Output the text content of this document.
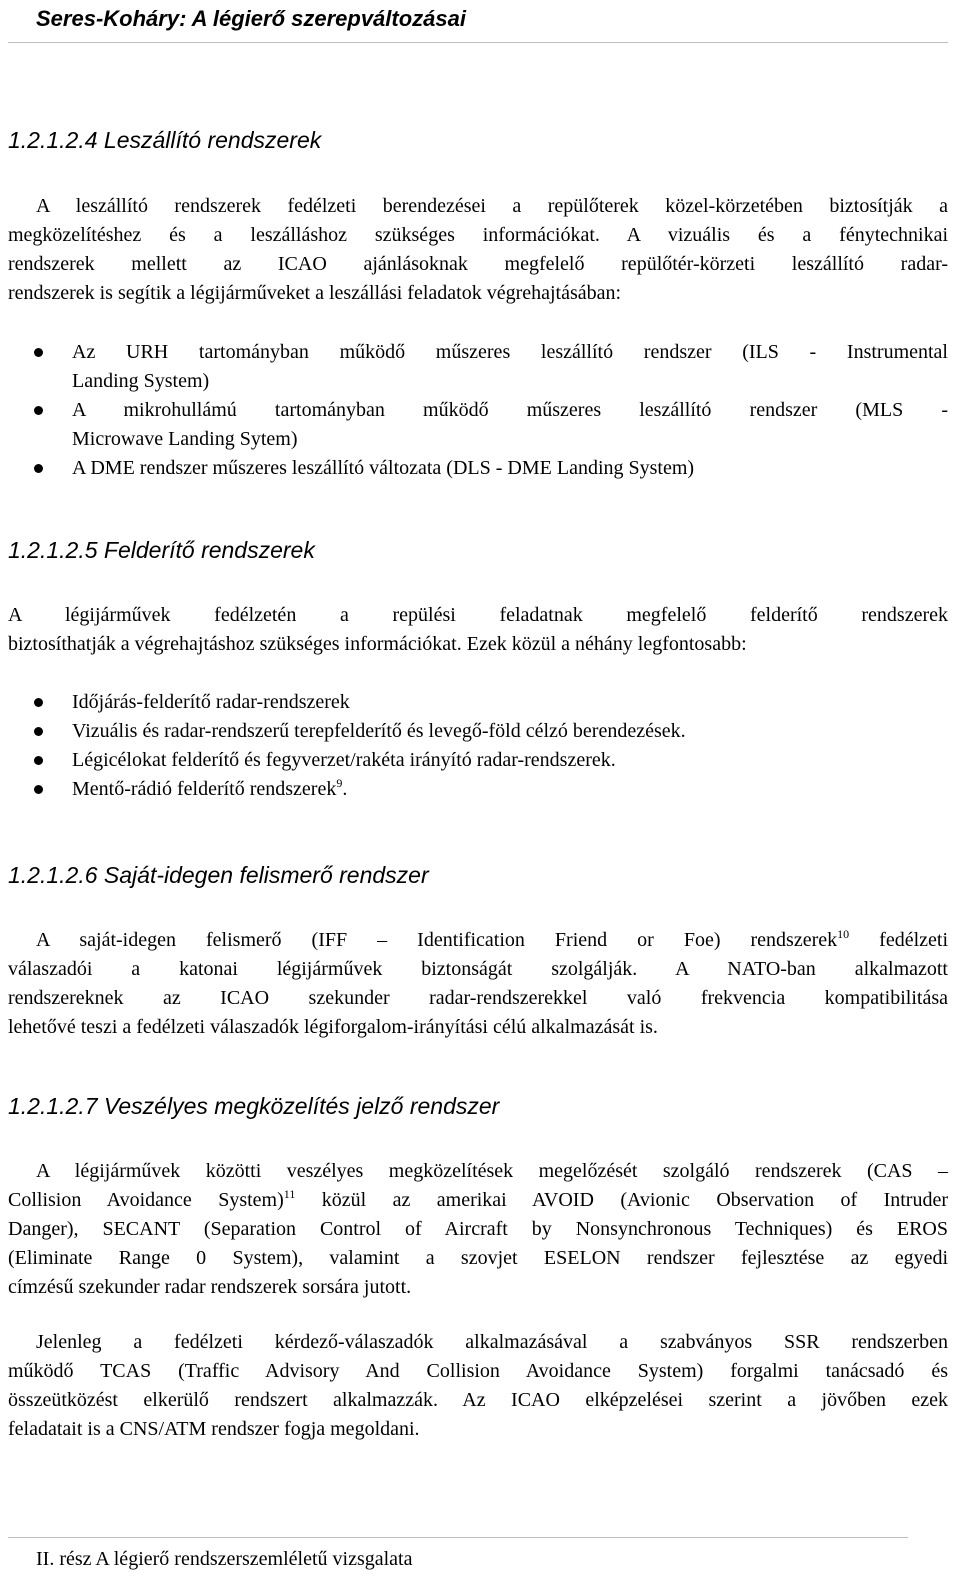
Seres-Koháry: A légierő szerepváltozásai
1.2.1.2.4 Leszállító rendszerek
A leszállító rendszerek fedélzeti berendezései a repülőterek közel-körzetében biztosítják a
megközelítéshez és a leszálláshoz szükséges információkat. A vizuális és a fénytechnikai
rendszerek mellett az ICAO ajánlásoknak megfelelő repülőtér-körzeti leszállító radar-
rendszerek is segítik a légijárműveket a leszállási feladatok végrehajtásában:
Az URH tartományban működő műszeres leszállító rendszer (ILS - Instrumental
Landing System)
A mikrohullámú tartományban működő műszeres leszállító rendszer (MLS -
Microwave Landing Sytem)
A DME rendszer műszeres leszállító változata (DLS - DME Landing System)
1.2.1.2.5 Felderítő rendszerek
A légijárművek fedélzetén a repülési feladatnak megfelelő felderítő rendszerek
biztosíthatják a végrehajtáshoz szükséges információkat. Ezek közül a néhány legfontosabb:
Időjárás-felderítő radar-rendszerek
Vizuális és radar-rendszerű terepfelderítő és levegő-föld célzó berendezések.
Légicélokat felderítő és fegyverzet/rakéta irányító radar-rendszerek.
Mentő-rádió felderítő rendszerek$^9$.
1.2.1.2.6 Saját-idegen felismerő rendszer
A saját-idegen felismerő (IFF – Identification Friend or Foe) rendszerek$^{10}$ fedélzeti
válaszadói a katonai légijárművek biztonságát szolgálják. A NATO-ban alkalmazott
rendszereknek az ICAO szekunder radar-rendszerekkel való frekvencia kompatibilitása
lehetővé teszi a fedélzeti válaszadók légiforgalom-irányítási célú alkalmazását is.
1.2.1.2.7 Veszélyes megközelítés jelző rendszer
A légijárművek közötti veszélyes megközelítések megelőzését szolgáló rendszerek (CAS –
Collision Avoidance System)$^{11}$ közül az amerikai AVOID (Avionic Observation of Intruder
Danger), SECANT (Separation Control of Aircraft by Nonsynchronous Techniques) és EROS
(Eliminate Range 0 System), valamint a szovjet ESELON rendszer fejlesztése az egyedi
címzésű szekunder radar rendszerek sorsára jutott.
Jelenleg a fedélzeti kérdező-válaszadók alkalmazásával a szabványos SSR rendszerben
működő TCAS (Traffic Advisory And Collision Avoidance System) forgalmi tanácsadó és
összeütközést elkerülő rendszert alkalmazzák. Az ICAO elképzelései szerint a jövőben ezek
feladatait is a CNS/ATM rendszer fogja megoldani.
II. rész A légierő rendszerszemléletű vizsgalata
